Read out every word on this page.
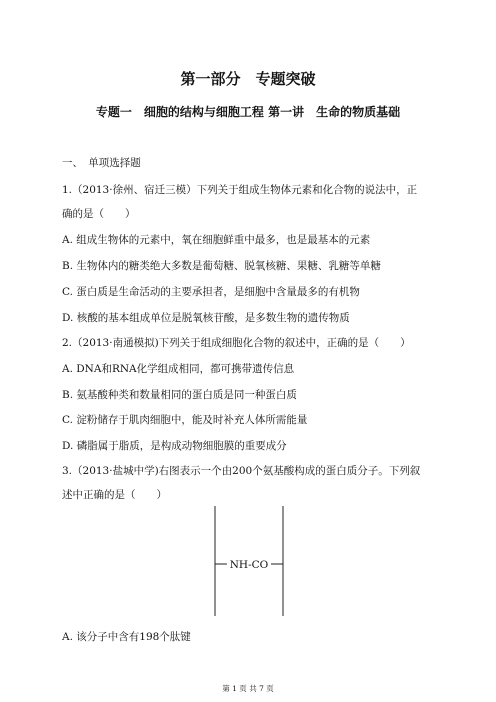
第一部分　专题突破
专题一　细胞的结构与细胞工程 第一讲　生命的物质基础
一、　单项选择题
1.（2013·徐州、宿迁三模）下列关于组成生物体元素和化合物的说法中，正
确的是（　　）
A. 组成生物体的元素中，氧在细胞鲜重中最多，也是最基本的元素
B. 生物体内的糖类绝大多数是葡萄糖、脱氧核糖、果糖、乳糖等单糖
C. 蛋白质是生命活动的主要承担者，是细胞中含量最多的有机物
D. 核酸的基本组成单位是脱氧核苷酸，是多数生物的遗传物质
2.（2013·南通模拟)下列关于组成细胞化合物的叙述中，正确的是（　　）
A. DNA和RNA化学组成相同，都可携带遗传信息
B. 氨基酸种类和数量相同的蛋白质是同一种蛋白质
C. 淀粉储存于肌肉细胞中，能及时补充人体所需能量
D. 磷脂属于脂质，是构成动物细胞膜的重要成分
3.（2013·盐城中学)右图表示一个由200个氨基酸构成的蛋白质分子。下列叙
述中正确的是（　　）
NH-CO
A. 该分子中含有198个肽键
第 1 页 共 7 页
